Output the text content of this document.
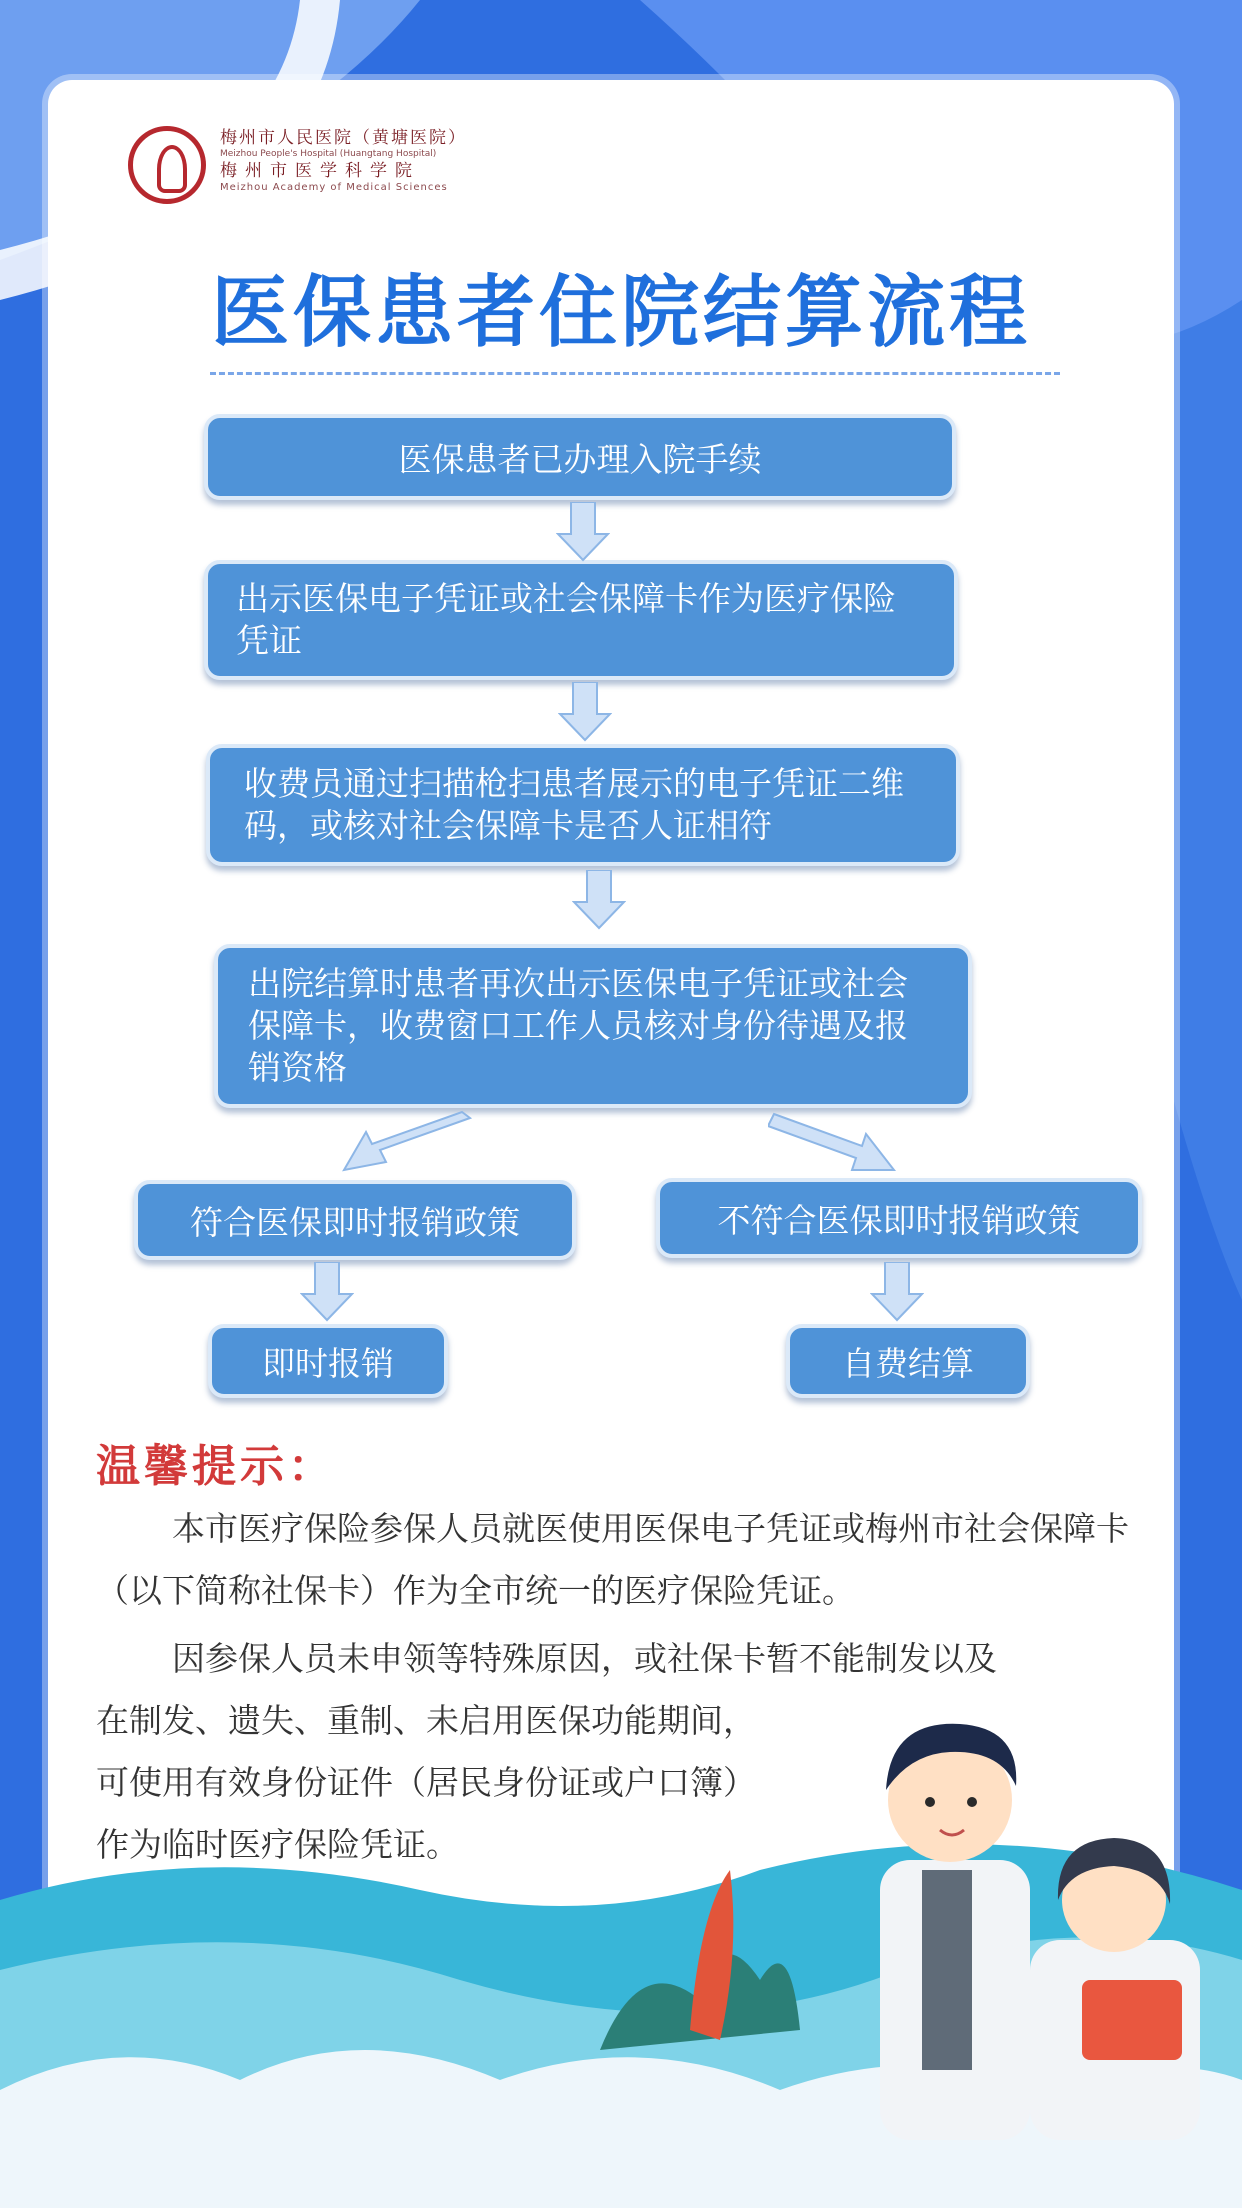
梅州市人民医院（黄塘医院）
Meizhou People's Hospital (Huangtang Hospital)
梅州市医学科学院
Meizhou Academy of Medical Sciences
医保患者住院结算流程
医保患者已办理入院手续
出示医保电子凭证或社会保障卡作为医疗保险凭证
收费员通过扫描枪扫患者展示的电子凭证二维码，或核对社会保障卡是否人证相符
出院结算时患者再次出示医保电子凭证或社会保障卡，收费窗口工作人员核对身份待遇及报销资格
符合医保即时报销政策	不符合医保即时报销政策
即时报销	自费结算
温馨提示：
本市医疗保险参保人员就医使用医保电子凭证或梅州市社会保障卡（以下简称社保卡）作为全市统一的医疗保险凭证。
因参保人员未申领等特殊原因，或社保卡暂不能制发以及
在制发、遗失、重制、未启用医保功能期间，
可使用有效身份证件（居民身份证或户口簿）
作为临时医疗保险凭证。
